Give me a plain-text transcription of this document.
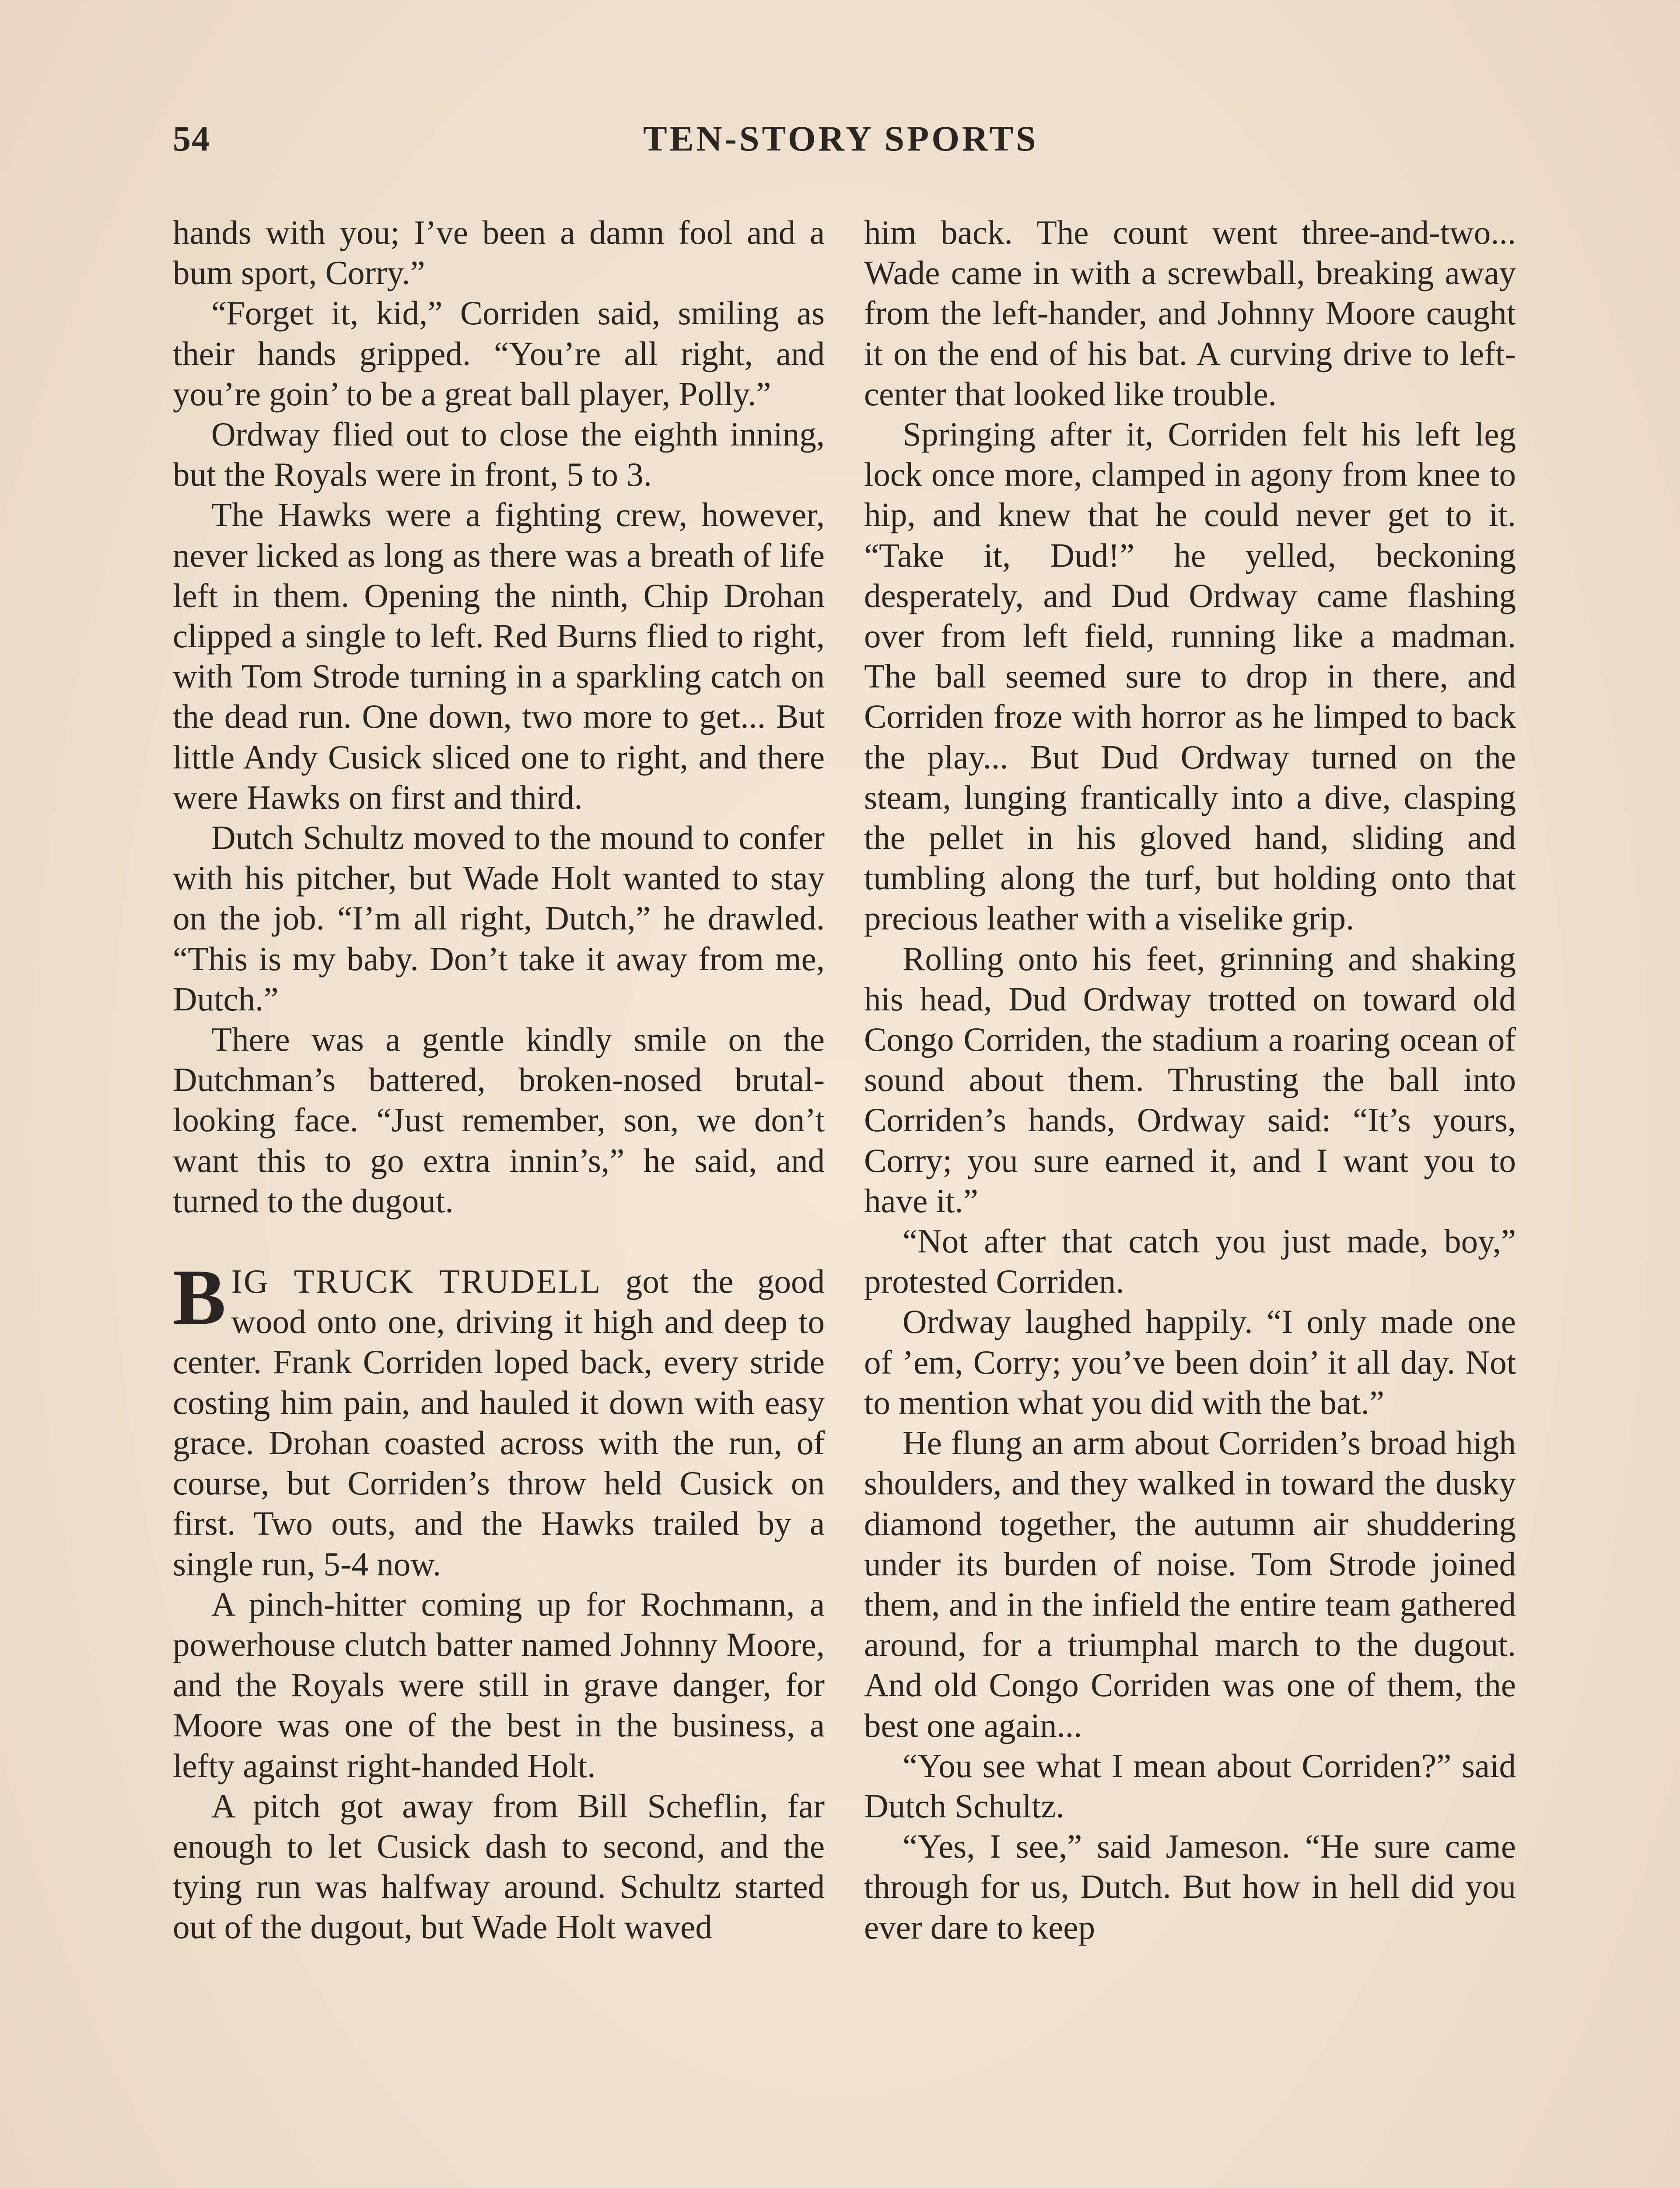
54	TEN-STORY SPORTS

hands with you; I’ve been a damn fool and a bum sport, Corry.”

“Forget it, kid,” Corriden said, smiling as their hands gripped. “You’re all right, and you’re goin’ to be a great ball player, Polly.”

Ordway flied out to close the eighth inning, but the Royals were in front, 5 to 3.

The Hawks were a fighting crew, however, never licked as long as there was a breath of life left in them. Opening the ninth, Chip Drohan clipped a single to left. Red Burns flied to right, with Tom Strode turning in a sparkling catch on the dead run. One down, two more to get... But little Andy Cusick sliced one to right, and there were Hawks on first and third.

Dutch Schultz moved to the mound to confer with his pitcher, but Wade Holt wanted to stay on the job. “I’m all right, Dutch,” he drawled. “This is my baby. Don’t take it away from me, Dutch.”

There was a gentle kindly smile on the Dutchman’s battered, broken-nosed brutal-looking face. “Just remember, son, we don’t want this to go extra innin’s,” he said, and turned to the dugout.

BIG TRUCK TRUDELL got the good wood onto one, driving it high and deep to center. Frank Corriden loped back, every stride costing him pain, and hauled it down with easy grace. Drohan coasted across with the run, of course, but Corriden’s throw held Cusick on first. Two outs, and the Hawks trailed by a single run, 5-4 now.

A pinch-hitter coming up for Rochmann, a powerhouse clutch batter named Johnny Moore, and the Royals were still in grave danger, for Moore was one of the best in the business, a lefty against right-handed Holt.

A pitch got away from Bill Scheflin, far enough to let Cusick dash to second, and the tying run was halfway around. Schultz started out of the dugout, but Wade Holt waved

him back. The count went three-and-two... Wade came in with a screwball, breaking away from the left-hander, and Johnny Moore caught it on the end of his bat. A curving drive to left-center that looked like trouble.

Springing after it, Corriden felt his left leg lock once more, clamped in agony from knee to hip, and knew that he could never get to it. “Take it, Dud!” he yelled, beckoning desperately, and Dud Ordway came flashing over from left field, running like a madman. The ball seemed sure to drop in there, and Corriden froze with horror as he limped to back the play... But Dud Ordway turned on the steam, lunging frantically into a dive, clasping the pellet in his gloved hand, sliding and tumbling along the turf, but holding onto that precious leather with a viselike grip.

Rolling onto his feet, grinning and shaking his head, Dud Ordway trotted on toward old Congo Corriden, the stadium a roaring ocean of sound about them. Thrusting the ball into Corriden’s hands, Ordway said: “It’s yours, Corry; you sure earned it, and I want you to have it.”

“Not after that catch you just made, boy,” protested Corriden.

Ordway laughed happily. “I only made one of ’em, Corry; you’ve been doin’ it all day. Not to mention what you did with the bat.”

He flung an arm about Corriden’s broad high shoulders, and they walked in toward the dusky diamond together, the autumn air shuddering under its burden of noise. Tom Strode joined them, and in the infield the entire team gathered around, for a triumphal march to the dugout. And old Congo Corriden was one of them, the best one again...

“You see what I mean about Corriden?” said Dutch Schultz.

“Yes, I see,” said Jameson. “He sure came through for us, Dutch. But how in hell did you ever dare to keep
